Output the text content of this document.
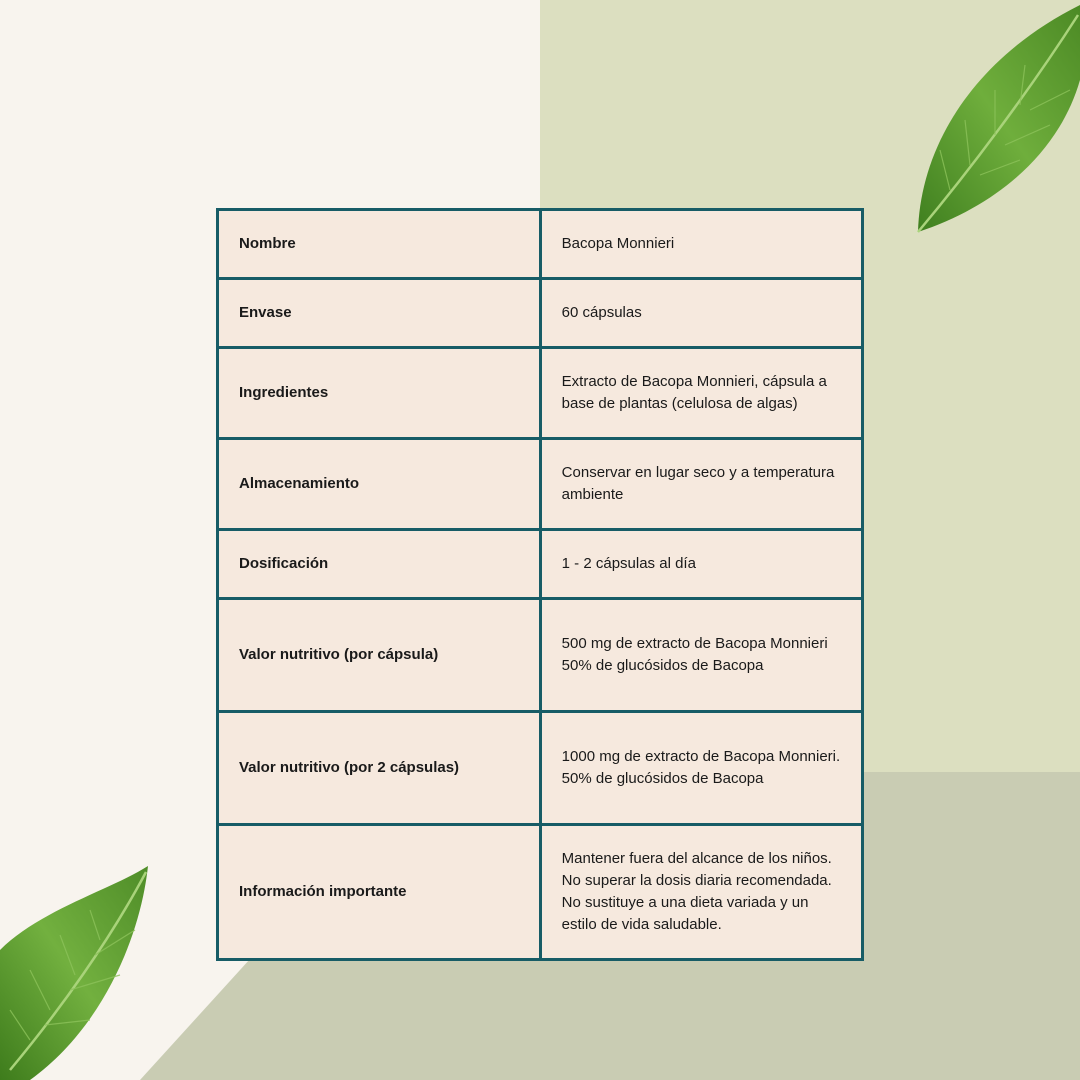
Nombre	Bacopa Monnieri
Envase	60 cápsulas
Ingredientes	Extracto de Bacopa Monnieri, cápsula a base de plantas (celulosa de algas)
Almacenamiento	Conservar en lugar seco y a temperatura ambiente
Dosificación	1 - 2 cápsulas al día
Valor nutritivo (por cápsula)	500 mg de extracto de Bacopa Monnieri 50% de glucósidos de Bacopa
Valor nutritivo (por 2 cápsulas)	1000 mg de extracto de Bacopa Monnieri. 50% de glucósidos de Bacopa
Información importante	Mantener fuera del alcance de los niños. No superar la dosis diaria recomendada. No sustituye a una dieta variada y un estilo de vida saludable.
